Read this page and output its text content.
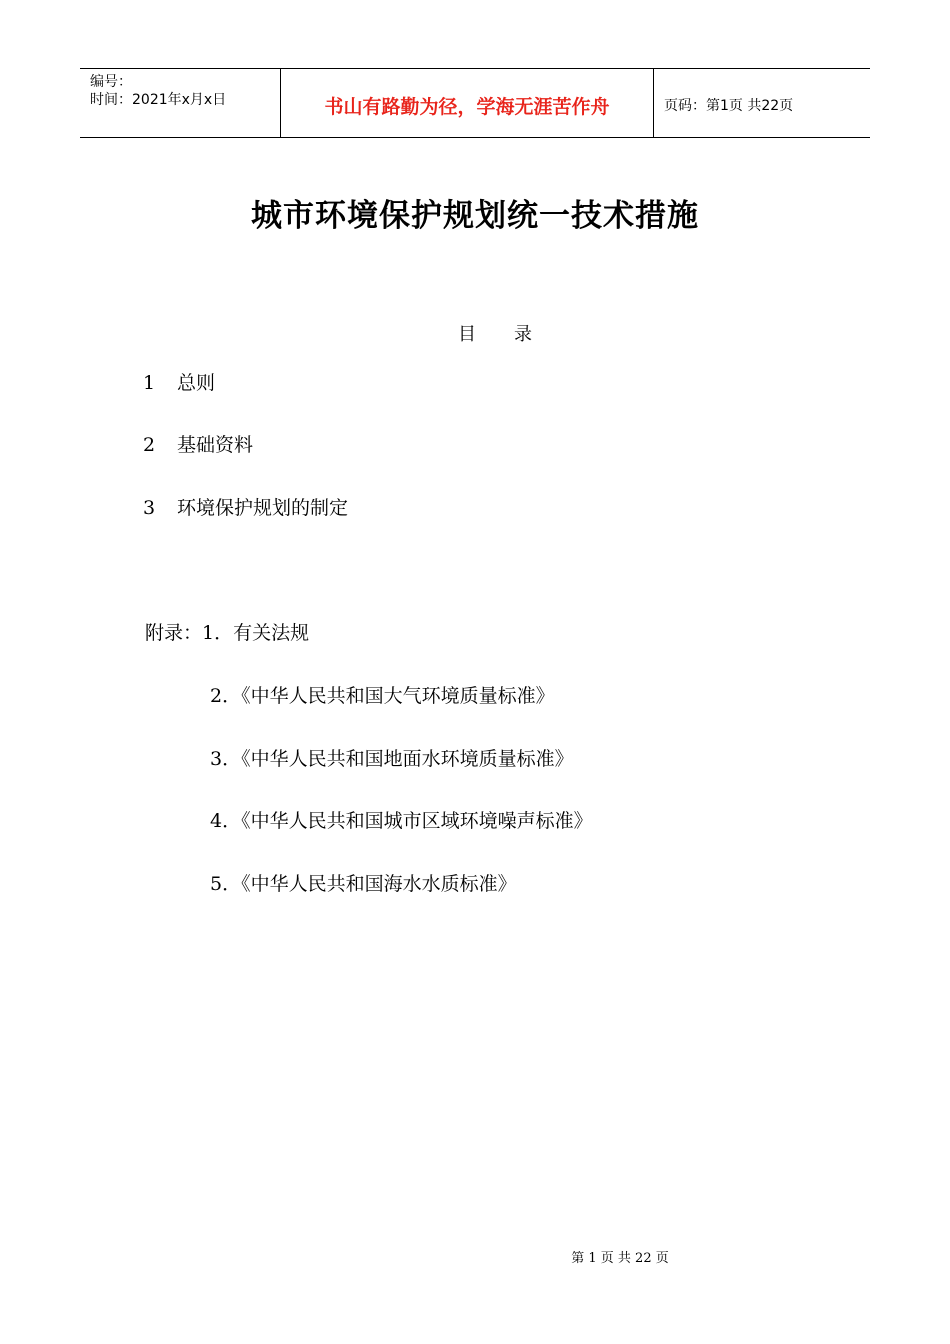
编号：
时间：2021年x月x日	书山有路勤为径，学海无涯苦作舟	页码：第1页 共22页
城市环境保护规划统一技术措施
目 录
1 总则
2 基础资料
3 环境保护规划的制定
附录：1．有关法规
2．《中华人民共和国大气环境质量标准》
3．《中华人民共和国地面水环境质量标准》
4．《中华人民共和国城市区域环境噪声标准》
5．《中华人民共和国海水水质标准》
第 1 页 共 22 页
